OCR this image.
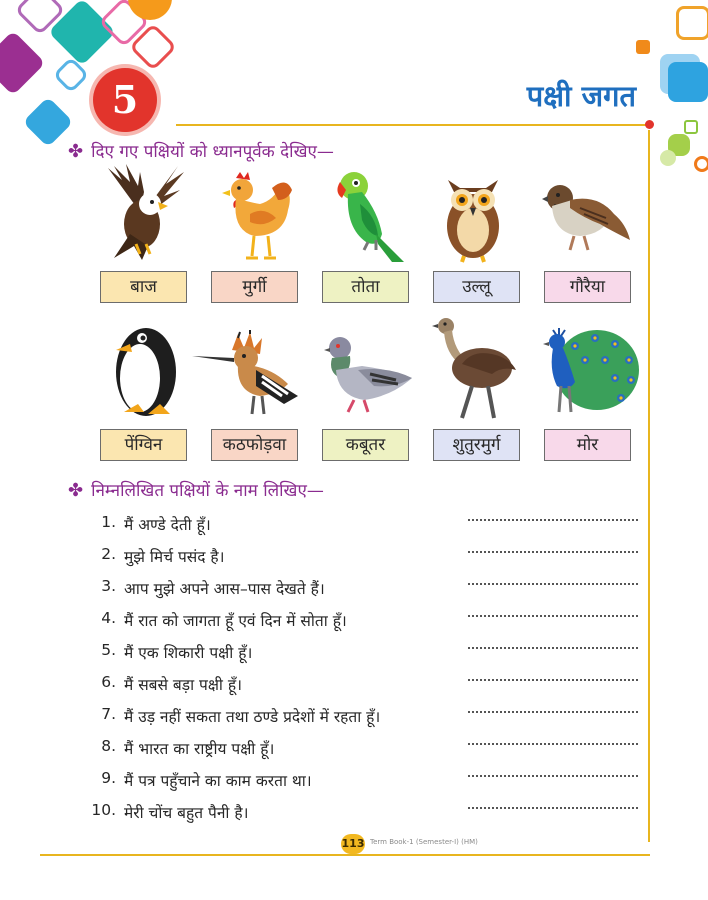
5	पक्षी जगत
✤ दिए गए पक्षियों को ध्यानपूर्वक देखिए—
बाज	मुर्गी	तोता	उल्लू	गौरैया
पेंग्विन	कठफोड़वा	कबूतर	शुतुरमुर्ग	मोर
✤ निम्नलिखित पक्षियों के नाम लिखिए—
1. मैं अण्डे देती हूँ।
2. मुझे मिर्च पसंद है।
3. आप मुझे अपने आस–पास देखते हैं।
4. मैं रात को जागता हूँ एवं दिन में सोता हूँ।
5. मैं एक शिकारी पक्षी हूँ।
6. मैं सबसे बड़ा पक्षी हूँ।
7. मैं उड़ नहीं सकता तथा ठण्डे प्रदेशों में रहता हूँ।
8. मैं भारत का राष्ट्रीय पक्षी हूँ।
9. मैं पत्र पहुँचाने का काम करता था।
10. मेरी चोंच बहुत पैनी है।
113 Term Book-1 (Semester-I) (HM)
